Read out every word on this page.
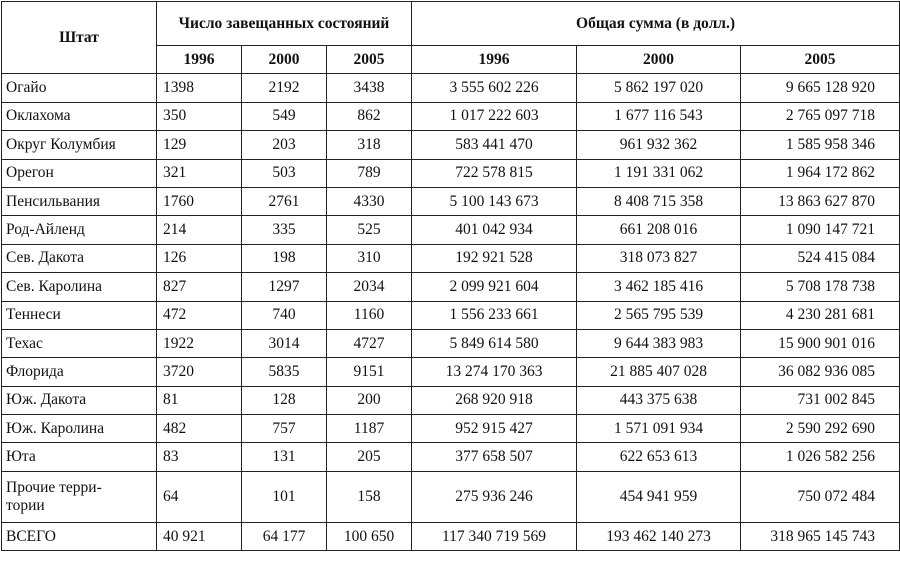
Штат	Число завещанных состояний			Общая сумма (в долл.)		
	1996	2000	2005	1996	2000	2005
Огайо	1398	2192	3438	3 555 602 226	5 862 197 020	9 665 128 920
Оклахома	350	549	862	1 017 222 603	1 677 116 543	2 765 097 718
Округ Колумбия	129	203	318	583 441 470	961 932 362	1 585 958 346
Орегон	321	503	789	722 578 815	1 191 331 062	1 964 172 862
Пенсильвания	1760	2761	4330	5 100 143 673	8 408 715 358	13 863 627 870
Род-Айленд	214	335	525	401 042 934	661 208 016	1 090 147 721
Сев. Дакота	126	198	310	192 921 528	318 073 827	524 415 084
Сев. Каролина	827	1297	2034	2 099 921 604	3 462 185 416	5 708 178 738
Теннеси	472	740	1160	1 556 233 661	2 565 795 539	4 230 281 681
Техас	1922	3014	4727	5 849 614 580	9 644 383 983	15 900 901 016
Флорида	3720	5835	9151	13 274 170 363	21 885 407 028	36 082 936 085
Юж. Дакота	81	128	200	268 920 918	443 375 638	731 002 845
Юж. Каролина	482	757	1187	952 915 427	1 571 091 934	2 590 292 690
Юта	83	131	205	377 658 507	622 653 613	1 026 582 256
Прочие терри-
тории	64	101	158	275 936 246	454 941 959	750 072 484
ВСЕГО	40 921	64 177	100 650	117 340 719 569	193 462 140 273	318 965 145 743
